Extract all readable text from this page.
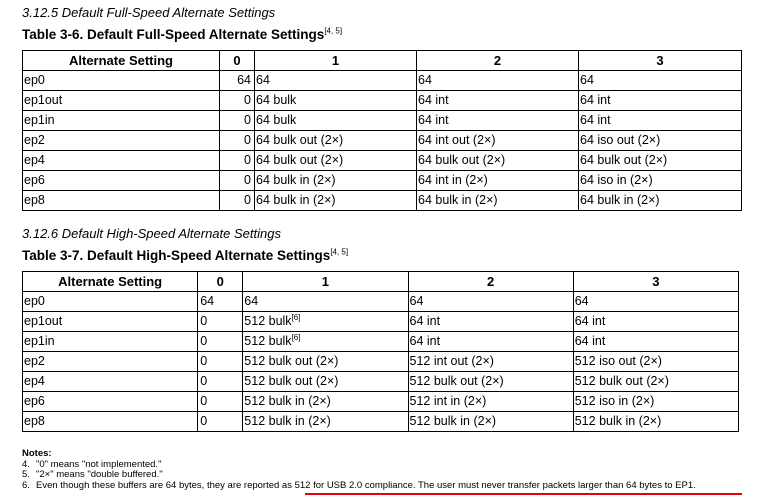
3.12.5 Default Full-Speed Alternate Settings
Table 3-6. Default Full-Speed Alternate Settings[4, 5]
Alternate Setting	0	1	2	3
ep0	64	64	64	64
ep1out	0	64 bulk	64 int	64 int
ep1in	0	64 bulk	64 int	64 int
ep2	0	64 bulk out (2×)	64 int out (2×)	64 iso out (2×)
ep4	0	64 bulk out (2×)	64 bulk out (2×)	64 bulk out (2×)
ep6	0	64 bulk in (2×)	64 int in (2×)	64 iso in (2×)
ep8	0	64 bulk in (2×)	64 bulk in (2×)	64 bulk in (2×)
3.12.6 Default High-Speed Alternate Settings
Table 3-7. Default High-Speed Alternate Settings[4, 5]
Alternate Setting	0	1	2	3
ep0	64	64	64	64
ep1out	0	512 bulk[6]	64 int	64 int
ep1in	0	512 bulk[6]	64 int	64 int
ep2	0	512 bulk out (2×)	512 int out (2×)	512 iso out (2×)
ep4	0	512 bulk out (2×)	512 bulk out (2×)	512 bulk out (2×)
ep6	0	512 bulk in (2×)	512 int in (2×)	512 iso in (2×)
ep8	0	512 bulk in (2×)	512 bulk in (2×)	512 bulk in (2×)
Notes:
4. "0" means "not implemented."
5. "2×" means "double buffered."
6. Even though these buffers are 64 bytes, they are reported as 512 for USB 2.0 compliance. The user must never transfer packets larger than 64 bytes to EP1.
